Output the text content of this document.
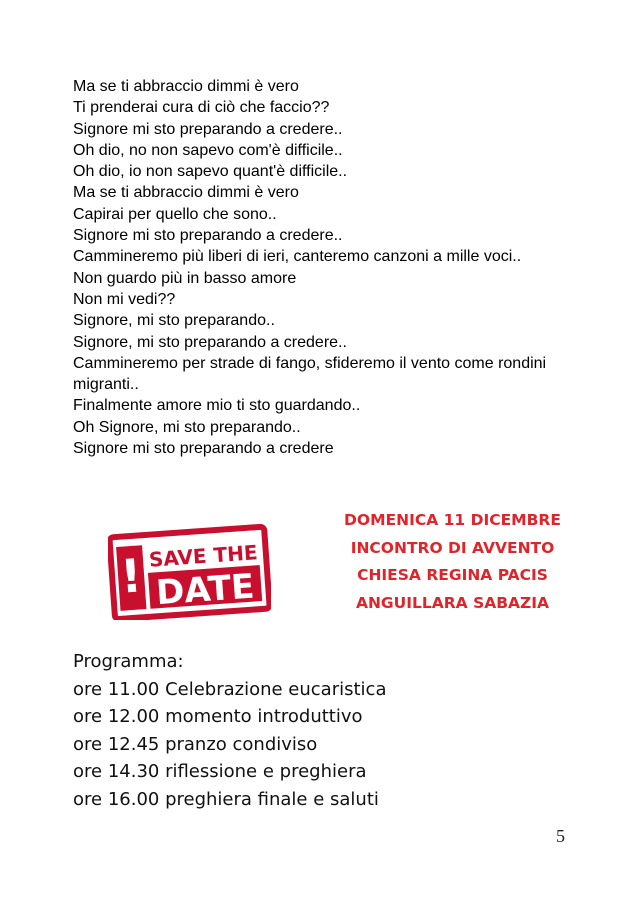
Ma se ti abbraccio dimmi è vero
Ti prenderai cura di ciò che faccio??
Signore mi sto preparando a credere..
Oh dio, no non sapevo com'è difficile..
Oh dio, io non sapevo quant'è difficile..
Ma se ti abbraccio dimmi è vero
Capirai per quello che sono..
Signore mi sto preparando a credere..
Cammineremo più liberi di ieri, canteremo canzoni a mille voci..
Non guardo più in basso amore
Non mi vedi??
Signore, mi sto preparando..
Signore, mi sto preparando a credere..
Cammineremo per strade di fango, sfideremo il vento come rondini migranti..
Finalmente amore mio ti sto guardando..
Oh Signore, mi sto preparando..
Signore mi sto preparando a credere
! SAVE THE
DATE
DOMENICA 11 DICEMBRE
INCONTRO DI AVVENTO
CHIESA REGINA PACIS
ANGUILLARA SABAZIA
Programma:
ore 11.00 Celebrazione eucaristica
ore 12.00 momento introduttivo
ore 12.45 pranzo condiviso
ore 14.30 riflessione e preghiera
ore 16.00 preghiera finale e saluti
5
